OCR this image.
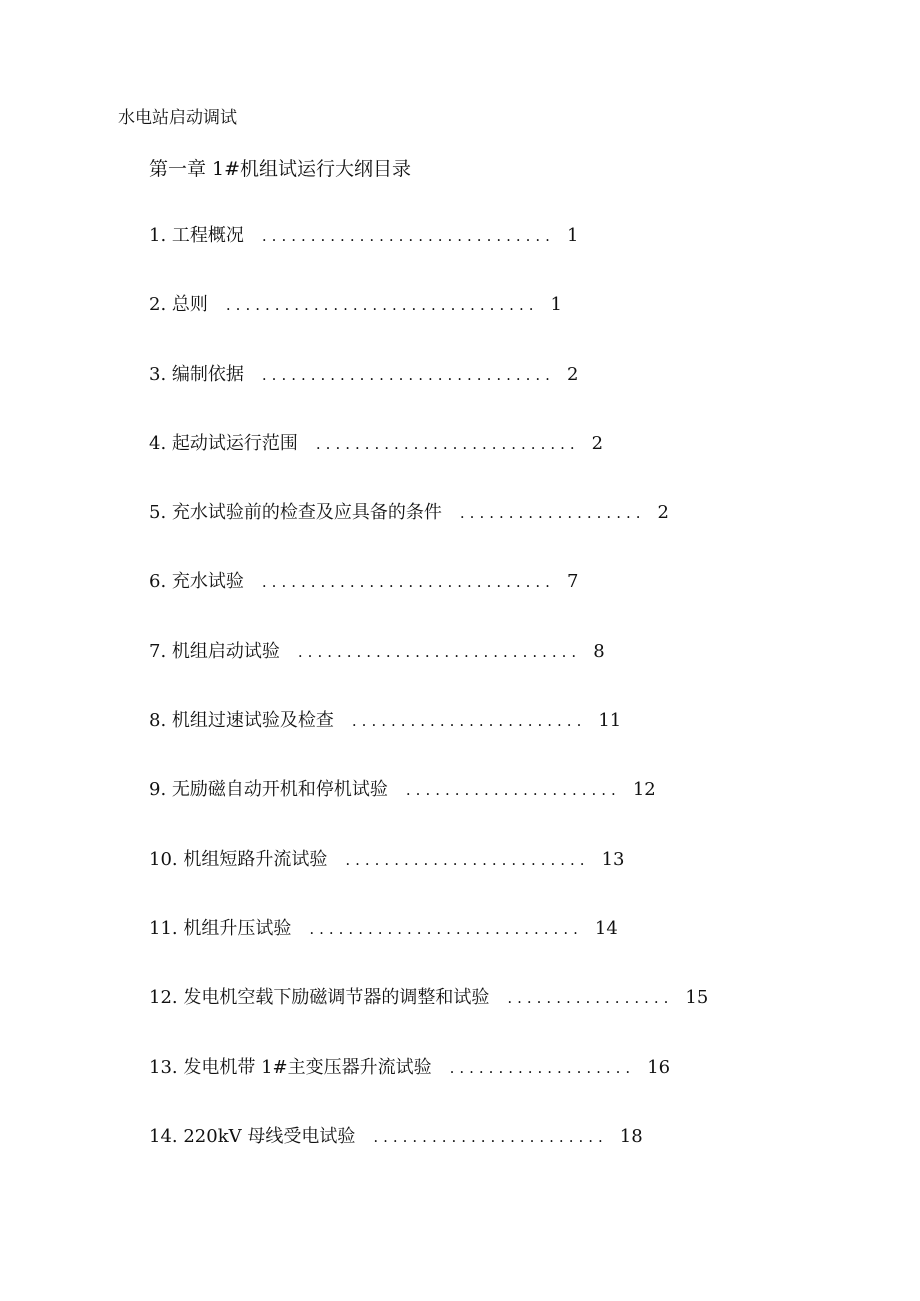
水电站启动调试
第一章 1#机组试运行大纲目录
1. 工程概况 .............................. 1
2. 总则 ................................ 1
3. 编制依据 .............................. 2
4. 起动试运行范围 ........................... 2
5. 充水试验前的检查及应具备的条件 ................... 2
6. 充水试验 .............................. 7
7. 机组启动试验 ............................. 8
8. 机组过速试验及检查 ........................ 11
9. 无励磁自动开机和停机试验 ...................... 12
10. 机组短路升流试验 ......................... 13
11. 机组升压试验 ............................ 14
12. 发电机空载下励磁调节器的调整和试验 ................. 15
13. 发电机带 1#主变压器升流试验 ................... 16
14. 220kV 母线受电试验 ........................ 18
